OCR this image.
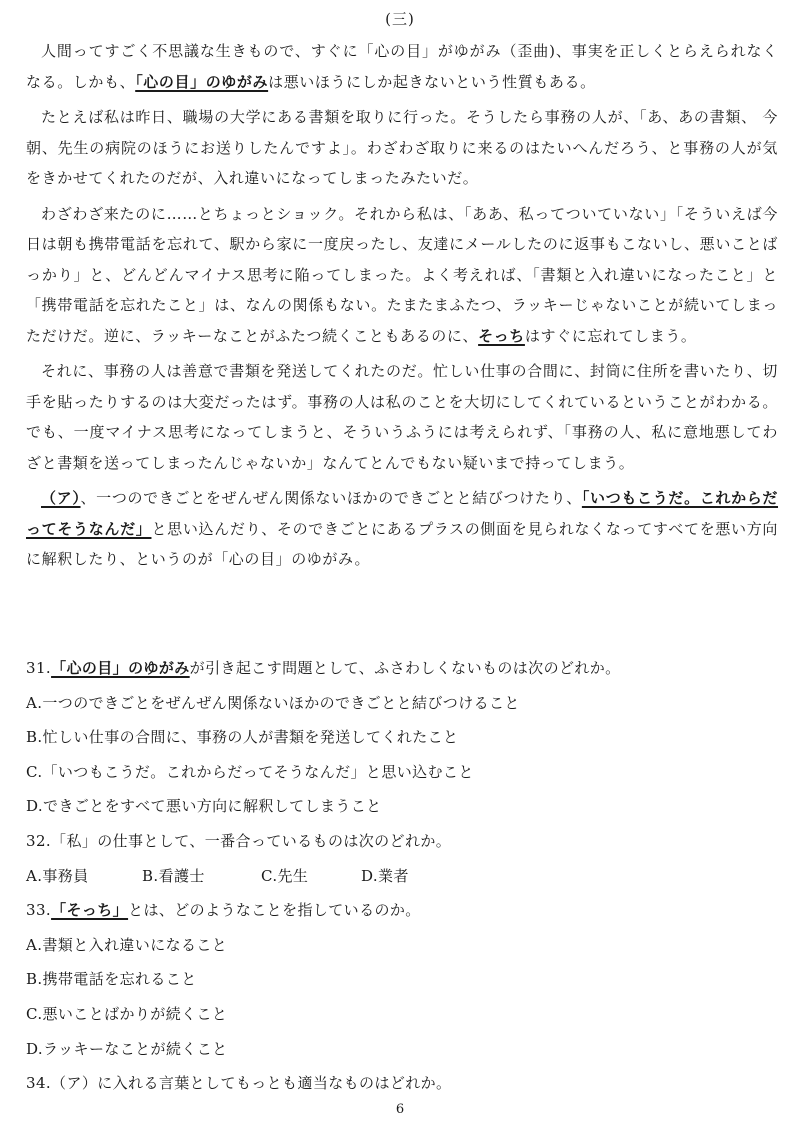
(三)

人間ってすごく不思議な生きもので、すぐに「心の目」がゆがみ（歪曲)、事実を正しくとらえられなくなる。しかも、「心の目」のゆがみは悪いほうにしか起きないという性質もある。

たとえば私は昨日、職場の大学にある書類を取りに行った。そうしたら事務の人が、「あ、あの書類、 今朝、先生の病院のほうにお送りしたんですよ」。わざわざ取りに来るのはたいへんだろう、と事務の人が気をきかせてくれたのだが、入れ違いになってしまったみたいだ。

わざわざ来たのに……とちょっとショック。それから私は、「ああ、私ってついていない」「そういえば今日は朝も携帯電話を忘れて、駅から家に一度戻ったし、友達にメールしたのに返事もこないし、悪いことばっかり」と、どんどんマイナス思考に陥ってしまった。よく考えれば、「書類と入れ違いになったこと」と「携帯電話を忘れたこと」は、なんの関係もない。たまたまふたつ、ラッキーじゃないことが続いてしまっただけだ。逆に、ラッキーなことがふたつ続くこともあるのに、そっちはすぐに忘れてしまう。

それに、事務の人は善意で書類を発送してくれたのだ。忙しい仕事の合間に、封筒に住所を書いたり、切手を貼ったりするのは大変だったはず。事務の人は私のことを大切にしてくれているということがわかる。でも、一度マイナス思考になってしまうと、そういうふうには考えられず、「事務の人、私に意地悪してわざと書類を送ってしまったんじゃないか」なんてとんでもない疑いまで持ってしまう。

（ア）、一つのできごとをぜんぜん関係ないほかのできごとと結びつけたり、「いつもこうだ。これからだってそうなんだ」と思い込んだり、そのできごとにあるプラスの側面を見られなくなってすべてを悪い方向に解釈したり、というのが「心の目」のゆがみ。

31.「心の目」のゆがみが引き起こす問題として、ふさわしくないものは次のどれか。
A.一つのできごとをぜんぜん関係ないほかのできごとと結びつけること
B.忙しい仕事の合間に、事務の人が書類を発送してくれたこと
C.「いつもこうだ。これからだってそうなんだ」と思い込むこと
D.できごとをすべて悪い方向に解釈してしまうこと
32.「私」の仕事として、一番合っているものは次のどれか。
A.事務員	B.看護士	C.先生	D.業者
33.「そっち」とは、どのようなことを指しているのか。
A.書類と入れ違いになること
B.携帯電話を忘れること
C.悪いことばかりが続くこと
D.ラッキーなことが続くこと
34.（ア）に入れる言葉としてもっとも適当なものはどれか。
6
